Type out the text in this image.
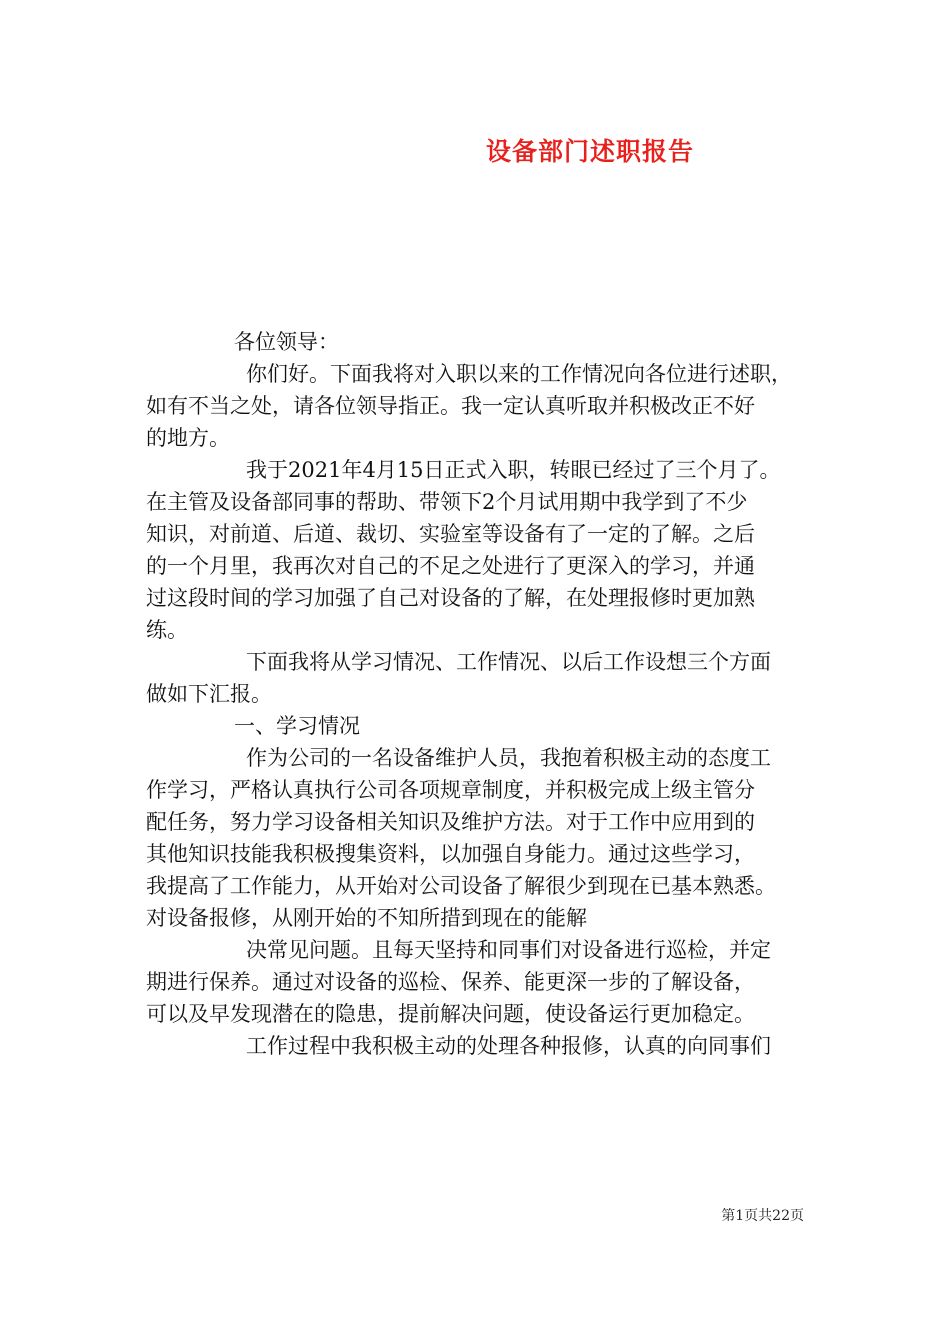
设备部门述职报告
各位领导：
你们好。下面我将对入职以来的工作情况向各位进行述职，
如有不当之处，请各位领导指正。我一定认真听取并积极改正不好
的地方。
我于2021年4月15日正式入职，转眼已经过了三个月了。
在主管及设备部同事的帮助、带领下2个月试用期中我学到了不少
知识，对前道、后道、裁切、实验室等设备有了一定的了解。之后
的一个月里，我再次对自己的不足之处进行了更深入的学习，并通
过这段时间的学习加强了自己对设备的了解，在处理报修时更加熟
练。
下面我将从学习情况、工作情况、以后工作设想三个方面
做如下汇报。
一、学习情况
作为公司的一名设备维护人员，我抱着积极主动的态度工
作学习，严格认真执行公司各项规章制度，并积极完成上级主管分
配任务，努力学习设备相关知识及维护方法。对于工作中应用到的
其他知识技能我积极搜集资料，以加强自身能力。通过这些学习，
我提高了工作能力，从开始对公司设备了解很少到现在已基本熟悉。
对设备报修，从刚开始的不知所措到现在的能解
决常见问题。且每天坚持和同事们对设备进行巡检，并定
期进行保养。通过对设备的巡检、保养、能更深一步的了解设备，
可以及早发现潜在的隐患，提前解决问题，使设备运行更加稳定。
工作过程中我积极主动的处理各种报修，认真的向同事们
第1页共22页
